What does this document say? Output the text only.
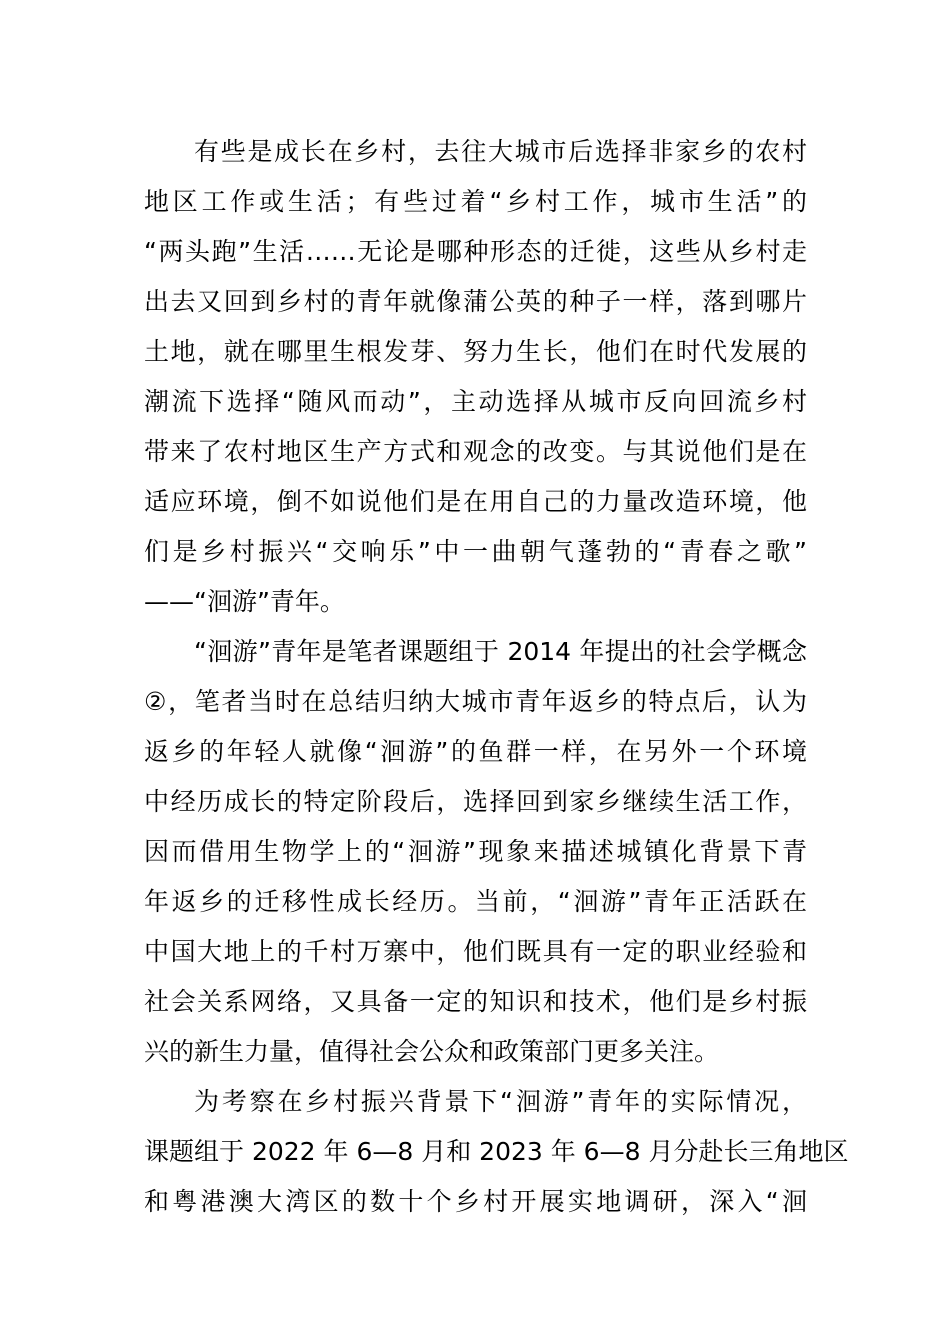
有些是成长在乡村，去往大城市后选择非家乡的农村
地区工作或生活；有些过着“乡村工作，城市生活”的
“两头跑”生活……无论是哪种形态的迁徙，这些从乡村走
出去又回到乡村的青年就像蒲公英的种子一样，落到哪片
土地，就在哪里生根发芽、努力生长，他们在时代发展的
潮流下选择“随风而动”，主动选择从城市反向回流乡村
带来了农村地区生产方式和观念的改变。与其说他们是在
适应环境，倒不如说他们是在用自己的力量改造环境，他
们是乡村振兴“交响乐”中一曲朝气蓬勃的“青春之歌”
——“洄游”青年。
“洄游”青年是笔者课题组于 2014 年提出的社会学概念
②，笔者当时在总结归纳大城市青年返乡的特点后，认为
返乡的年轻人就像“洄游”的鱼群一样，在另外一个环境
中经历成长的特定阶段后，选择回到家乡继续生活工作，
因而借用生物学上的“洄游”现象来描述城镇化背景下青
年返乡的迁移性成长经历。当前，“洄游”青年正活跃在
中国大地上的千村万寨中，他们既具有一定的职业经验和
社会关系网络，又具备一定的知识和技术，他们是乡村振
兴的新生力量，值得社会公众和政策部门更多关注。
为考察在乡村振兴背景下“洄游”青年的实际情况，
课题组于 2022 年 6—8 月和 2023 年 6—8 月分赴长三角地区
和粤港澳大湾区的数十个乡村开展实地调研，深入“洄
